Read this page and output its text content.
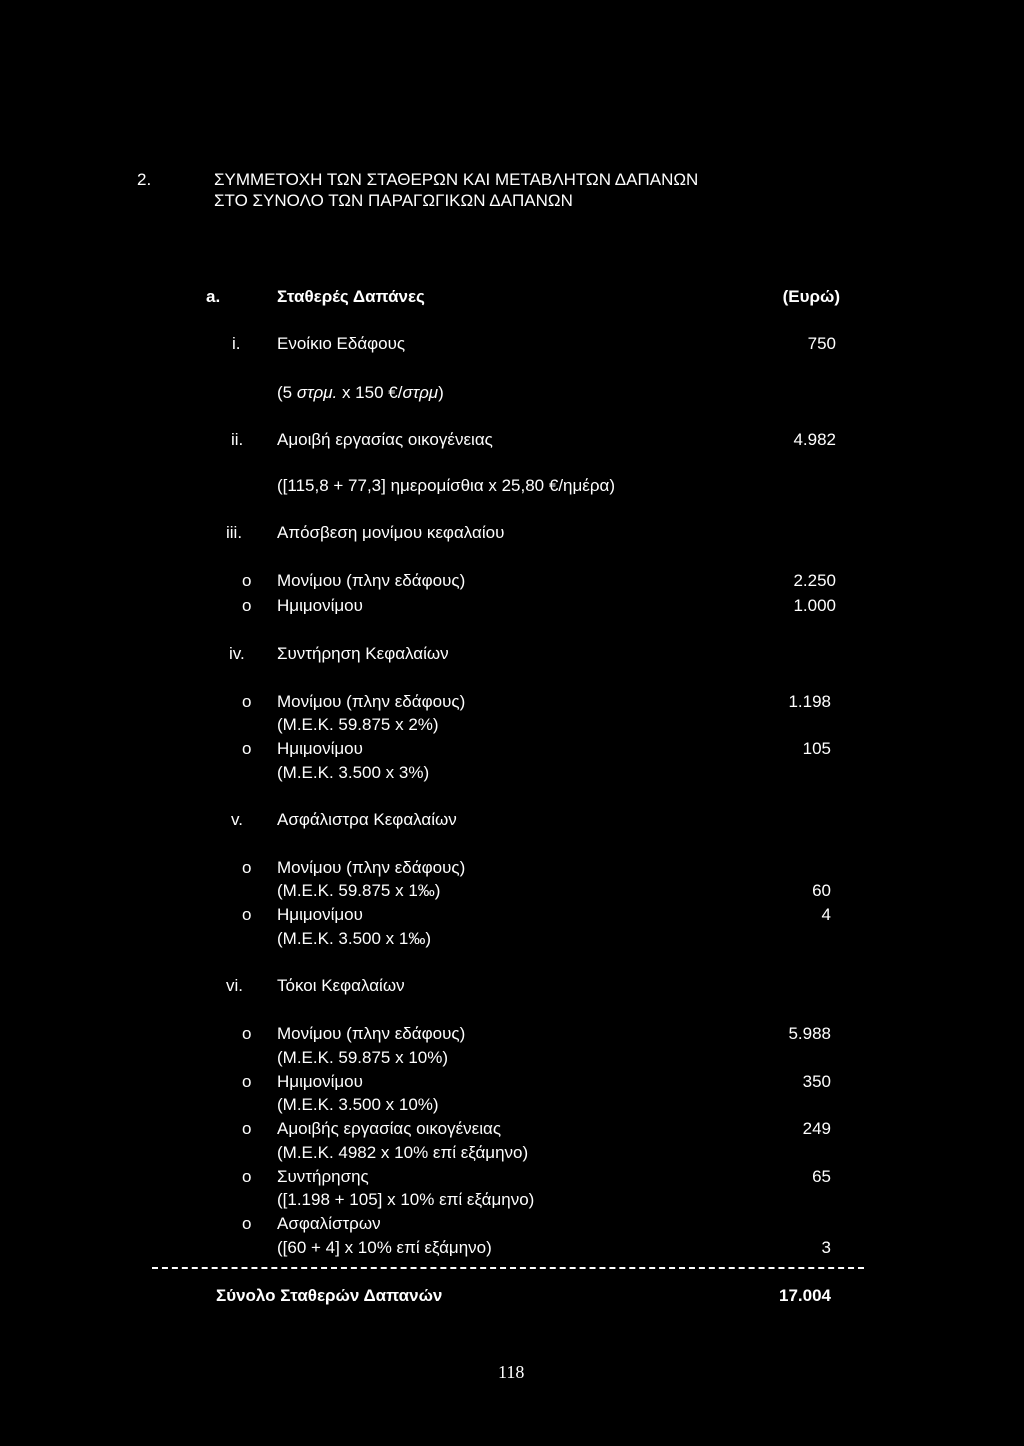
2.	ΣΥΜΜΕΤΟΧΗ ΤΩΝ ΣΤΑΘΕΡΩΝ ΚΑΙ ΜΕΤΑΒΛΗΤΩΝ ΔΑΠΑΝΩΝ
ΣΤΟ ΣΥΝΟΛΟ ΤΩΝ ΠΑΡΑΓΩΓΙΚΩΝ ΔΑΠΑΝΩΝ
a.	Σταθερές Δαπάνες	(Ευρώ)
i. Ενοίκιο Εδάφους	750
(5 στρμ. x 150 €/στρμ)
ii. Αμοιβή εργασίας οικογένειας	4.982
([115,8 + 77,3] ημερομίσθια x 25,80 €/ημέρα)
iii. Απόσβεση μονίμου κεφαλαίου
o Μονίμου (πλην εδάφους)	2.250
o Ημιμονίμου	1.000
iv. Συντήρηση Κεφαλαίων
o Μονίμου (πλην εδάφους)	1.198
(Μ.Ε.Κ. 59.875 x 2%)
o Ημιμονίμου	105
(Μ.Ε.Κ. 3.500 x 3%)
v. Ασφάλιστρα Κεφαλαίων
o Μονίμου (πλην εδάφους)
(Μ.Ε.Κ. 59.875 x 1‰)	60
o Ημιμονίμου	4
(Μ.Ε.Κ. 3.500 x 1‰)
vi. Τόκοι Κεφαλαίων
o Μονίμου (πλην εδάφους)	5.988
(Μ.Ε.Κ. 59.875 x 10%)
o Ημιμονίμου	350
(Μ.Ε.Κ. 3.500 x 10%)
o Αμοιβής εργασίας οικογένειας	249
(Μ.Ε.Κ. 4982 x 10% επί εξάμηνο)
o Συντήρησης	65
([1.198 + 105] x 10% επί εξάμηνο)
o Ασφαλίστρων
([60 + 4] x 10% επί εξάμηνο)	3
Σύνολο Σταθερών Δαπανών	17.004
118
